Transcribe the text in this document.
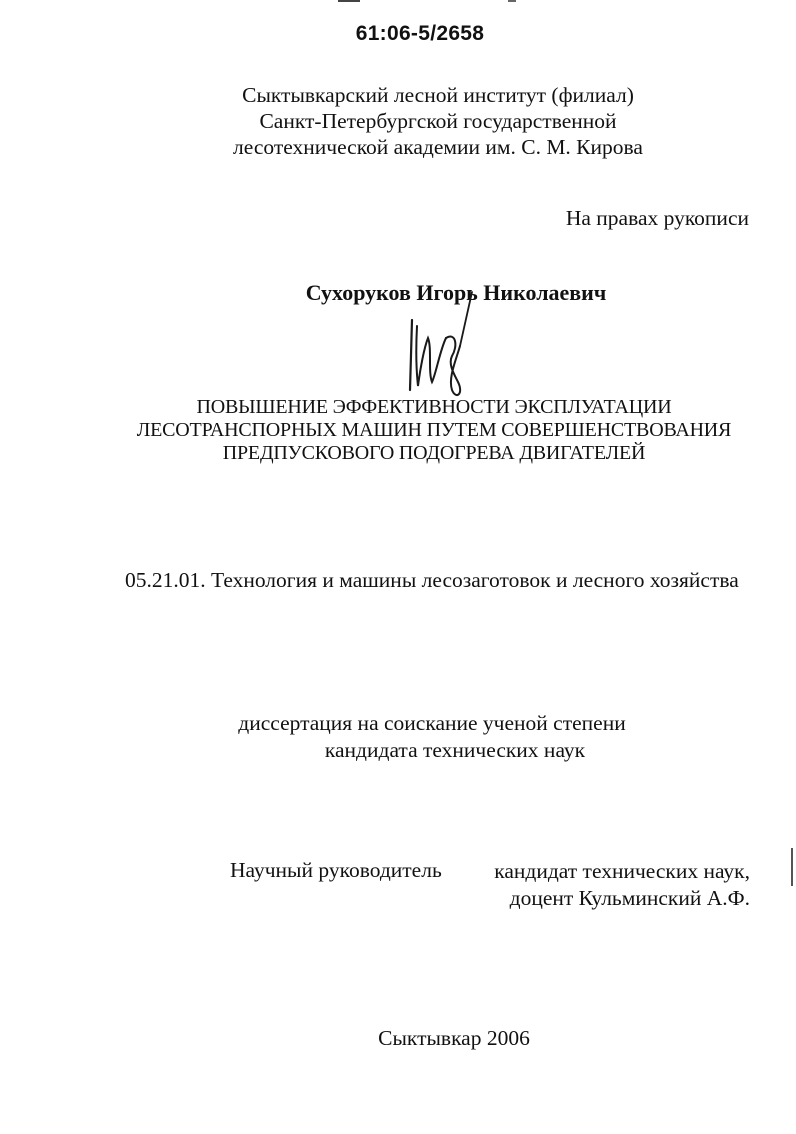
61:06-5/2658
Сыктывкарский лесной институт (филиал)
Санкт-Петербургской государственной
лесотехнической академии им. С. М. Кирова
На правах рукописи
Сухоруков Игорь Николаевич
ПОВЫШЕНИЕ ЭФФЕКТИВНОСТИ ЭКСПЛУАТАЦИИ
ЛЕСОТРАНСПОРНЫХ МАШИН ПУТЕМ СОВЕРШЕНСТВОВАНИЯ
ПРЕДПУСКОВОГО ПОДОГРЕВА ДВИГАТЕЛЕЙ
05.21.01. Технология и машины лесозаготовок и лесного хозяйства
диссертация на соискание ученой степени
кандидата технических наук
Научный руководитель кандидат технических наук,
доцент Кульминский А.Ф.
Сыктывкар 2006
